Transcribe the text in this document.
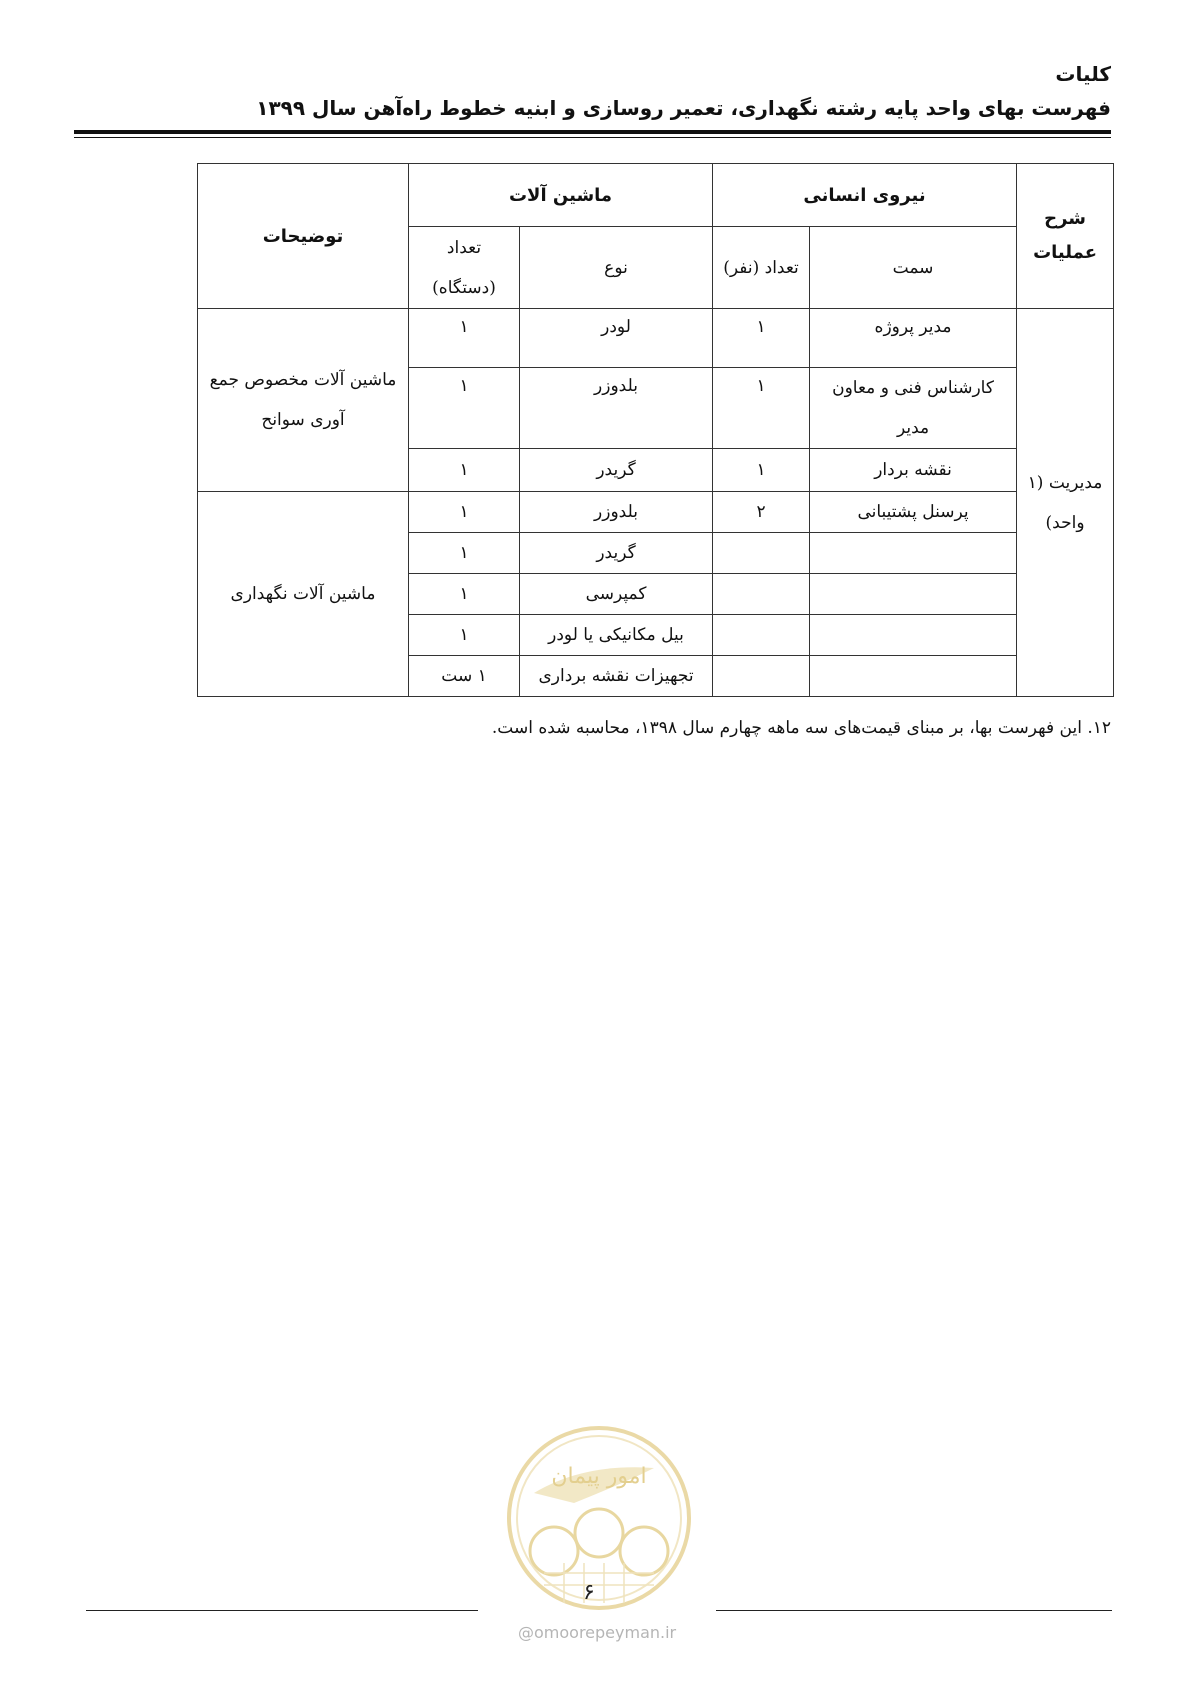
کلیات
فهرست بهای واحد پایه رشته نگهداری، تعمیر روسازی و ابنیه خطوط راه‌آهن سال ۱۳۹۹
شرح عملیات	نیروی انسانی		ماشین آلات		توضیحات
	سمت	تعداد (نفر)	نوع	تعداد (دستگاه)	
مدیریت (۱ واحد)	مدیر پروژه	۱	لودر	۱	ماشین آلات مخصوص جمع آوری سوانح
	کارشناس فنی و معاون مدیر	۱	بلدوزر	۱	
	نقشه بردار	۱	گریدر	۱	
	پرسنل پشتیبانی	۲	بلدوزر	۱	ماشین آلات نگهداری
			گریدر	۱	
			کمپرسی	۱	
			بیل مکانیکی یا لودر	۱	
			تجهیزات نقشه برداری	۱ ست	
۱۲. این فهرست بها، بر مبنای قیمت‌های سه ماهه چهارم سال ۱۳۹۸، محاسبه شده است.
امور پیمان
۶
@omoorepeyman.ir
